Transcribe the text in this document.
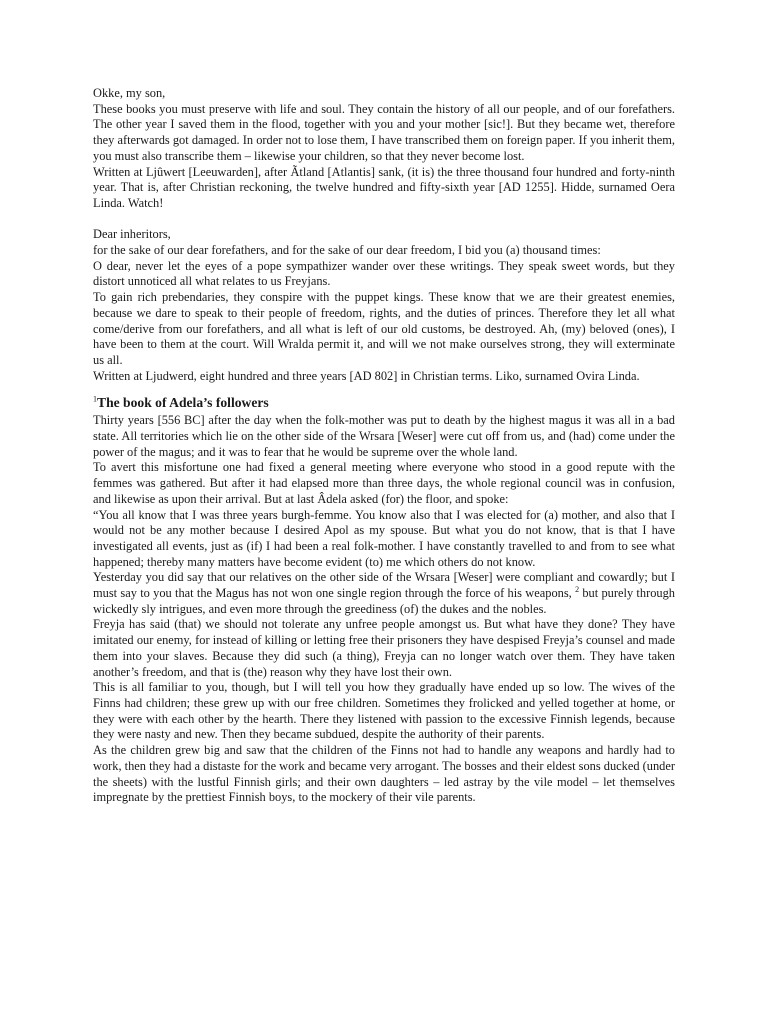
Okke, my son,

These books you must preserve with life and soul. They contain the history of all our people, and of our forefathers. The other year I saved them in the flood, together with you and your mother [sic!]. But they became wet, therefore they afterwards got damaged. In order not to lose them, I have transcribed them on foreign paper. If you inherit them, you must also transcribe them – likewise your children, so that they never become lost.

Written at Ljûwert [Leeuwarden], after Ãtland [Atlantis] sank, (it is) the three thousand four hundred and forty-ninth year. That is, after Christian reckoning, the twelve hundred and fifty-sixth year [AD 1255]. Hidde, surnamed Oera Linda. Watch!

Dear inheritors,

for the sake of our dear forefathers, and for the sake of our dear freedom, I bid you (a) thousand times:

O dear, never let the eyes of a pope sympathizer wander over these writings. They speak sweet words, but they distort unnoticed all what relates to us Freyjans.

To gain rich prebendaries, they conspire with the puppet kings. These know that we are their greatest enemies, because we dare to speak to their people of freedom, rights, and the duties of princes. Therefore they let all what come/derive from our forefathers, and all what is left of our old customs, be destroyed. Ah, (my) beloved (ones), I have been to them at the court. Will Wralda permit it, and will we not make ourselves strong, they will exterminate us all.

Written at Ljudwerd, eight hundred and three years [AD 802] in Christian terms. Liko, surnamed Ovira Linda.

$^1$The book of Adela’s followers

Thirty years [556 BC] after the day when the folk-mother was put to death by the highest magus it was all in a bad state. All territories which lie on the other side of the Wrsara [Weser] were cut off from us, and (had) come under the power of the magus; and it was to fear that he would be supreme over the whole land.

To avert this misfortune one had fixed a general meeting where everyone who stood in a good repute with the femmes was gathered. But after it had elapsed more than three days, the whole regional council was in confusion, and likewise as upon their arrival. But at last Âdela asked (for) the floor, and spoke:

“You all know that I was three years burgh-femme. You know also that I was elected for (a) mother, and also that I would not be any mother because I desired Apol as my spouse. But what you do not know, that is that I have investigated all events, just as (if) I had been a real folk-mother. I have constantly travelled to and from to see what happened; thereby many matters have become evident (to) me which others do not know.

Yesterday you did say that our relatives on the other side of the Wrsara [Weser] were compliant and cowardly; but I must say to you that the Magus has not won one single region through the force of his weapons, $^2$ but purely through wickedly sly intrigues, and even more through the greediness (of) the dukes and the nobles.

Freyja has said (that) we should not tolerate any unfree people amongst us. But what have they done? They have imitated our enemy, for instead of killing or letting free their prisoners they have despised Freyja’s counsel and made them into your slaves. Because they did such (a thing), Freyja can no longer watch over them. They have taken another’s freedom, and that is (the) reason why they have lost their own.

This is all familiar to you, though, but I will tell you how they gradually have ended up so low. The wives of the Finns had children; these grew up with our free children. Sometimes they frolicked and yelled together at home, or they were with each other by the hearth. There they listened with passion to the excessive Finnish legends, because they were nasty and new. Then they became subdued, despite the authority of their parents.

As the children grew big and saw that the children of the Finns not had to handle any weapons and hardly had to work, then they had a distaste for the work and became very arrogant. The bosses and their eldest sons ducked (under the sheets) with the lustful Finnish girls; and their own daughters – led astray by the vile model – let themselves impregnate by the prettiest Finnish boys, to the mockery of their vile parents.
